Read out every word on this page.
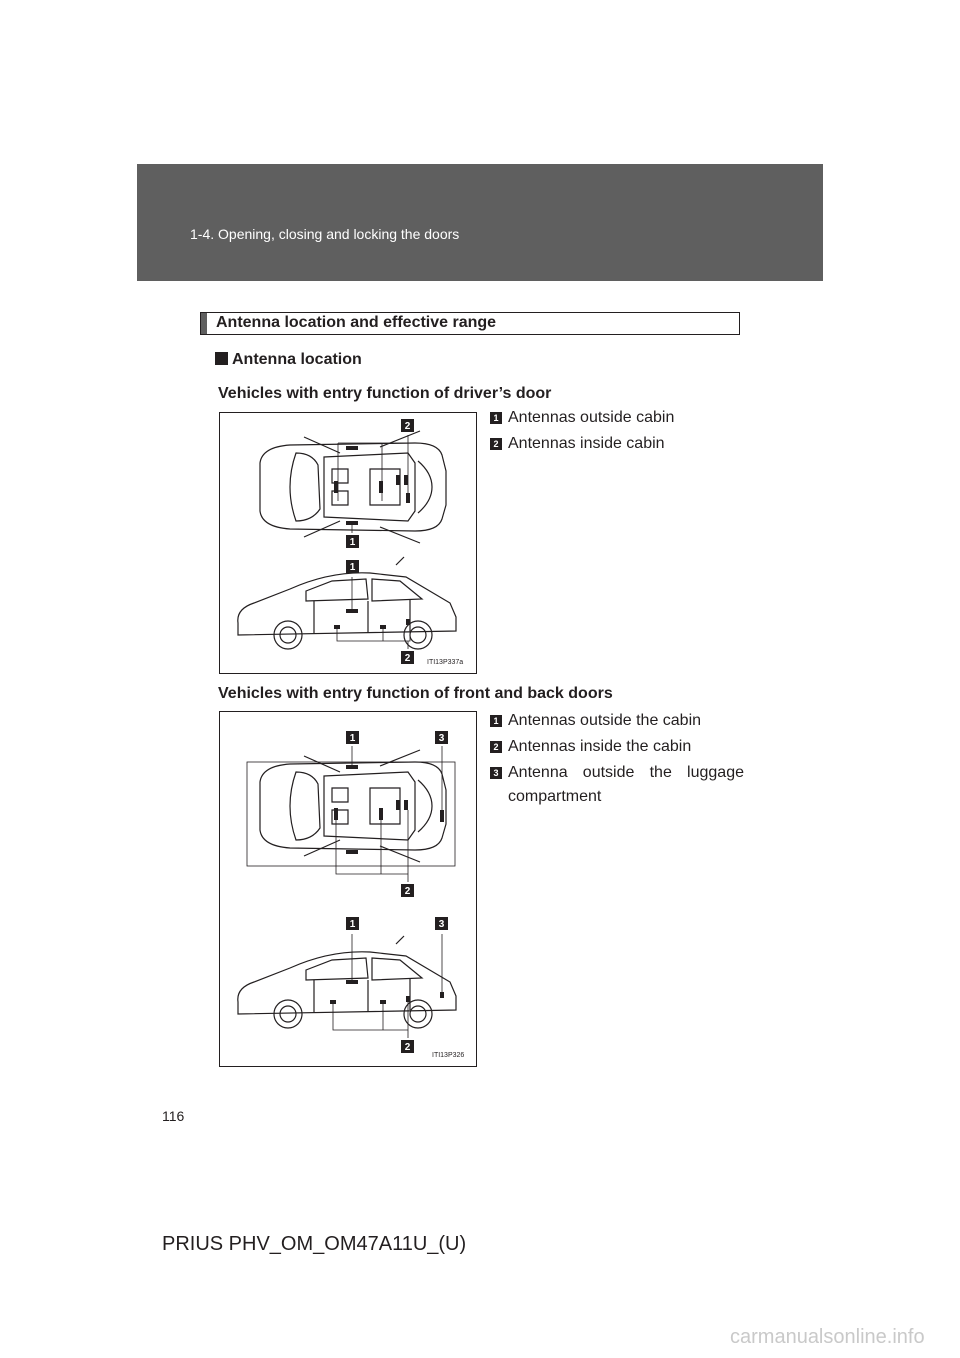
1-4. Opening, closing and locking the doors
Antenna location and effective range
Antenna location
Vehicles with entry function of driver’s door
2
1
1
2 ITI13P337a
1 Antennas outside cabin
2 Antennas inside cabin
Vehicles with entry function of front and back doors
1	3
2
1	3
2
ITI13P326
1 Antennas outside the cabin
2 Antennas inside the cabin
3 Antenna outside the luggage compartment
116
PRIUS PHV_OM_OM47A11U_(U)
carmanualsonline.info
